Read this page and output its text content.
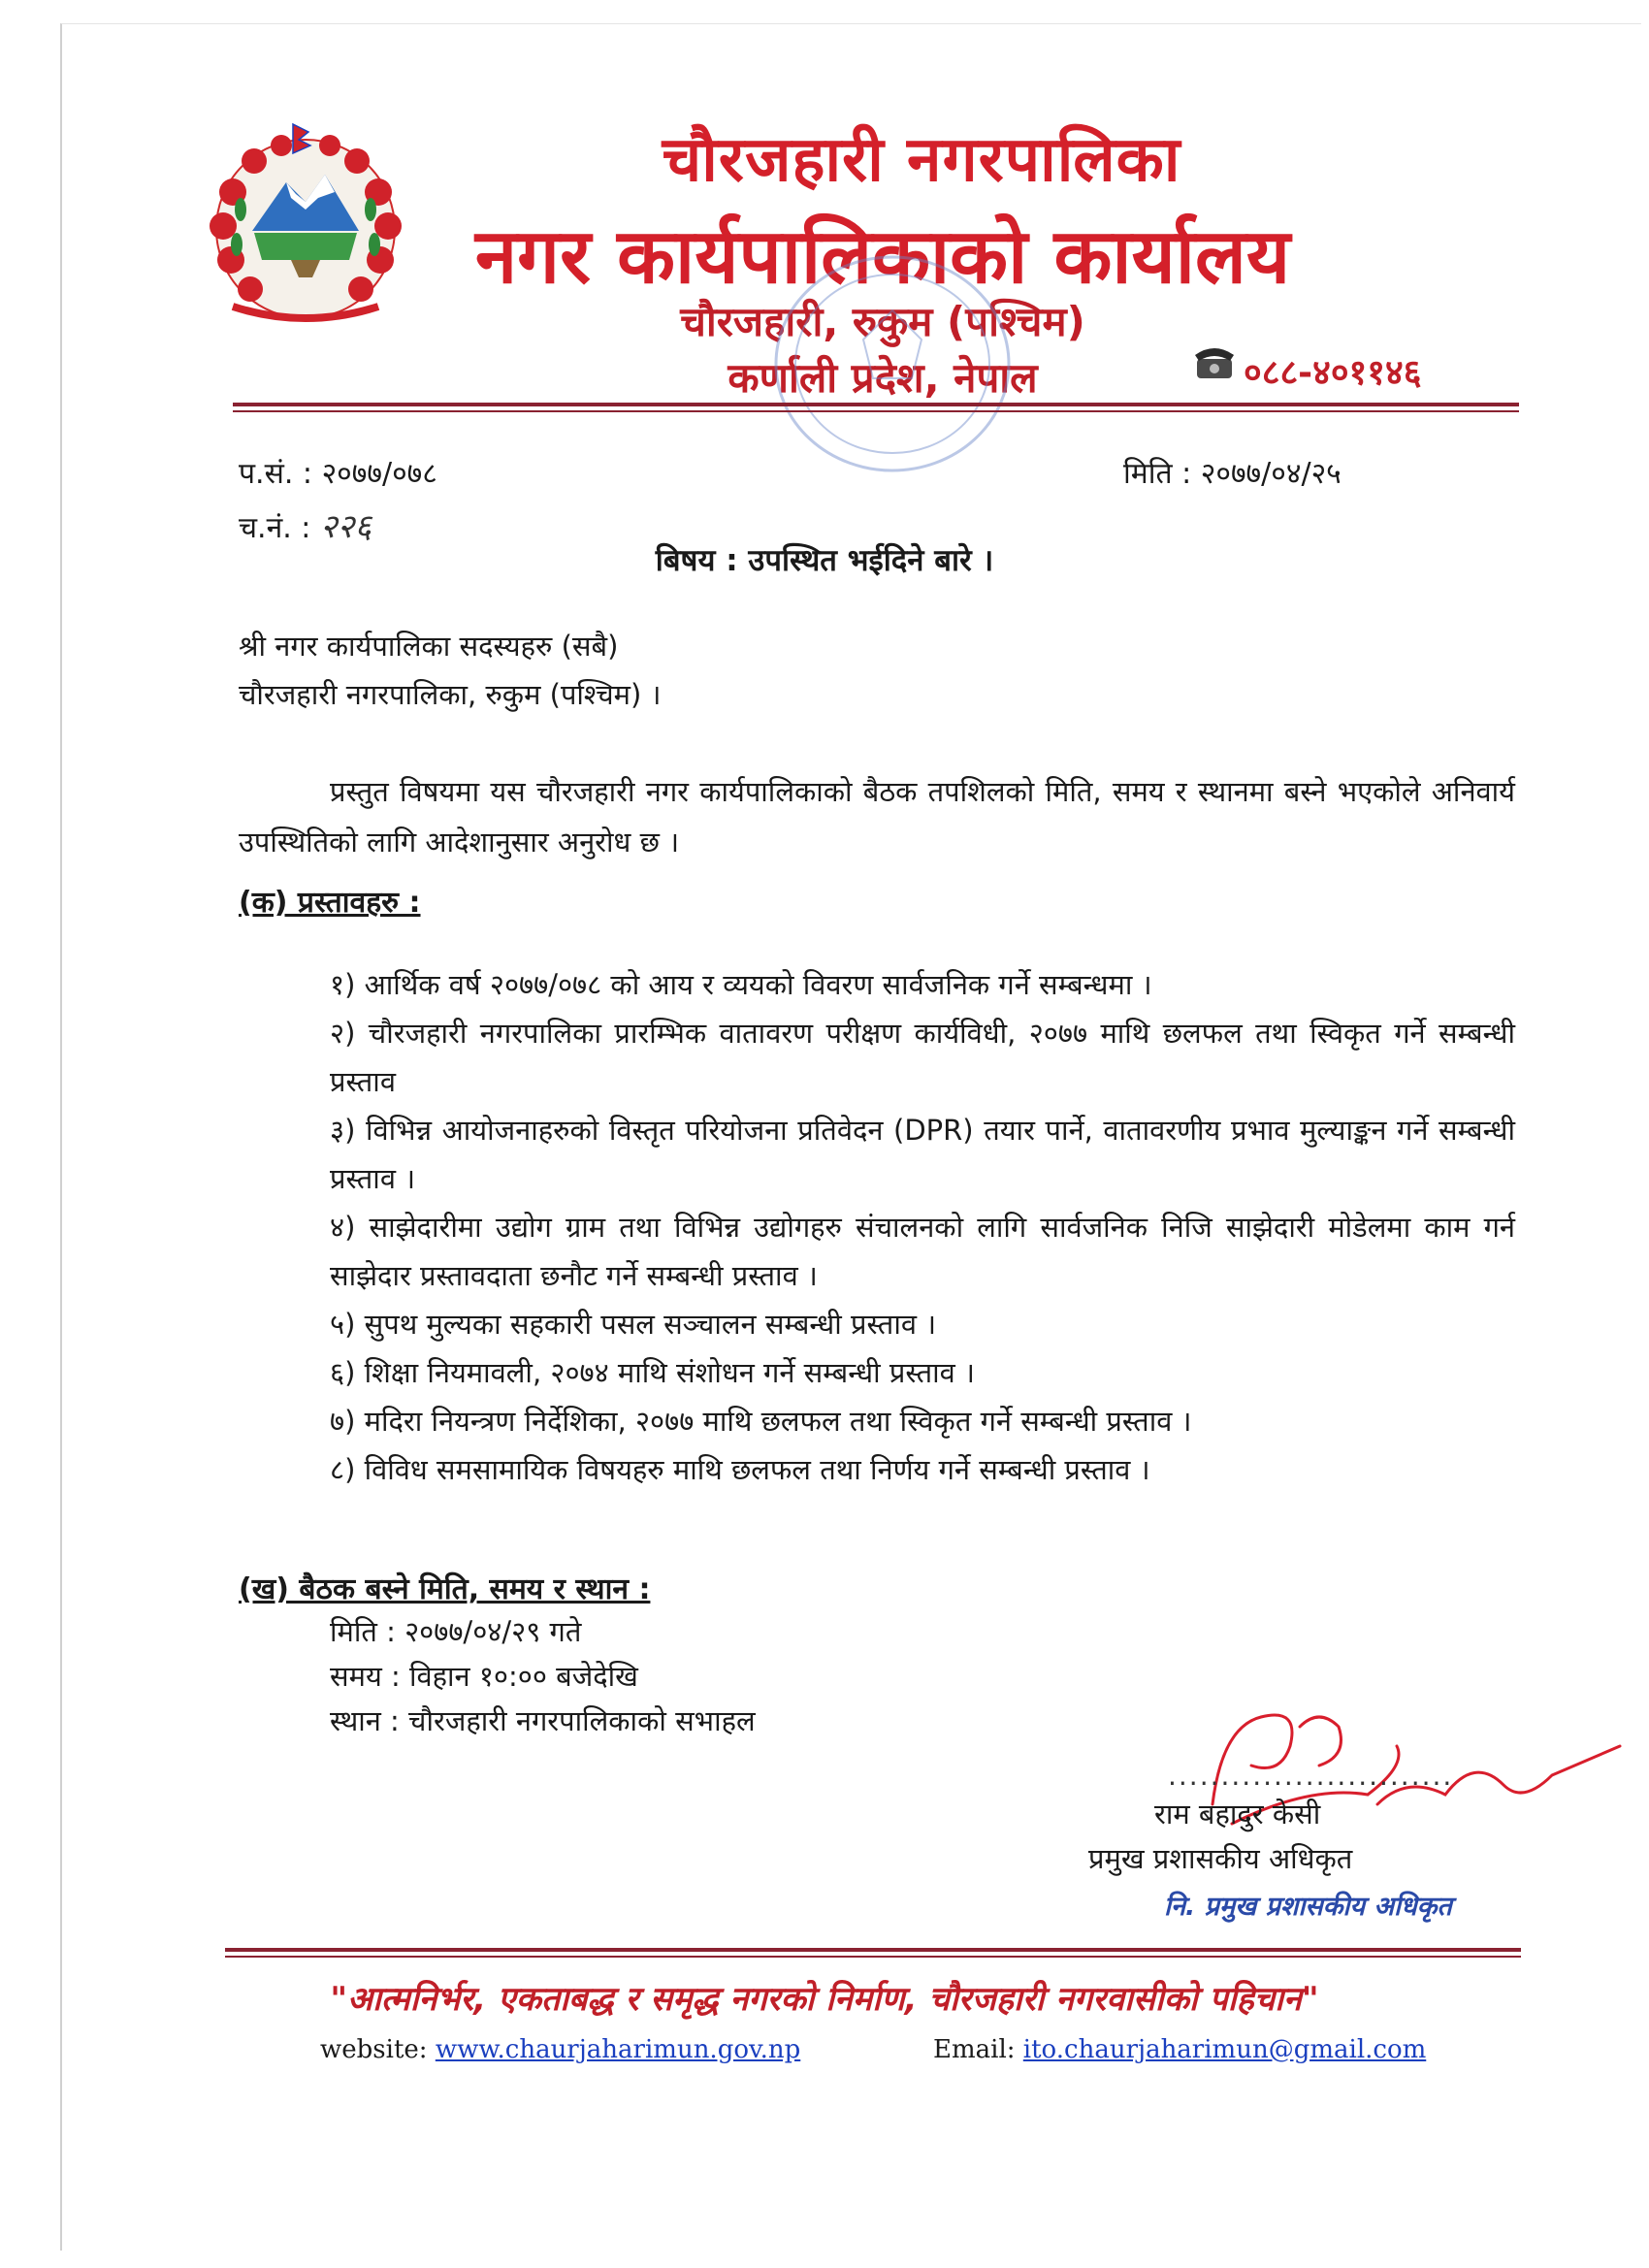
चौरजहारी नगरपालिका
नगर कार्यपालिकाको कार्यालय
चौरजहारी, रुकुम (पश्चिम)
कर्णाली प्रदेश, नेपाल	०८८-४०११४६
प.सं. : २०७७/०७८
च.नं. : २२६
मिति : २०७७/०४/२५
बिषय : उपस्थित भईदिने बारे ।
श्री नगर कार्यपालिका सदस्यहरु (सबै)
चौरजहारी नगरपालिका, रुकुम (पश्चिम) ।
प्रस्तुत विषयमा यस चौरजहारी नगर कार्यपालिकाको बैठक तपशिलको मिति, समय र स्थानमा बस्ने भएकोले अनिवार्य उपस्थितिको लागि आदेशानुसार अनुरोध छ ।
(क) प्रस्तावहरु :
१) आर्थिक वर्ष २०७७/०७८ को आय र व्ययको विवरण सार्वजनिक गर्ने सम्बन्धमा ।
२) चौरजहारी नगरपालिका प्रारम्भिक वातावरण परीक्षण कार्यविधी, २०७७ माथि छलफल तथा स्विकृत गर्ने सम्बन्धी प्रस्ताव
३) विभिन्न आयोजनाहरुको विस्तृत परियोजना प्रतिवेदन (DPR) तयार पार्ने, वातावरणीय प्रभाव मुल्याङ्कन गर्ने सम्बन्धी प्रस्ताव ।
४) साझेदारीमा उद्योग ग्राम तथा विभिन्न उद्योगहरु संचालनको लागि सार्वजनिक निजि साझेदारी मोडेलमा काम गर्न साझेदार प्रस्तावदाता छनौट गर्ने सम्बन्धी प्रस्ताव ।
५) सुपथ मुल्यका सहकारी पसल सञ्चालन सम्बन्धी प्रस्ताव ।
६) शिक्षा नियमावली, २०७४ माथि संशोधन गर्ने सम्बन्धी प्रस्ताव ।
७) मदिरा नियन्त्रण निर्देशिका, २०७७ माथि छलफल तथा स्विकृत गर्ने सम्बन्धी प्रस्ताव ।
८) विविध समसामायिक विषयहरु माथि छलफल तथा निर्णय गर्ने सम्बन्धी प्रस्ताव ।
(ख) बैठक बस्ने मिति, समय र स्थान :
मिति : २०७७/०४/२९ गते
समय : विहान १०:०० बजेदेखि
स्थान : चौरजहारी नगरपालिकाको सभाहल
...........................
राम बहादुर केसी
प्रमुख प्रशासकीय अधिकृत
नि. प्रमुख प्रशासकीय अधिकृत
"आत्मनिर्भर, एकताबद्ध र समृद्ध नगरको निर्माण, चौरजहारी नगरवासीको पहिचान"
website: www.chaurjaharimun.gov.np	Email: ito.chaurjaharimun@gmail.com
